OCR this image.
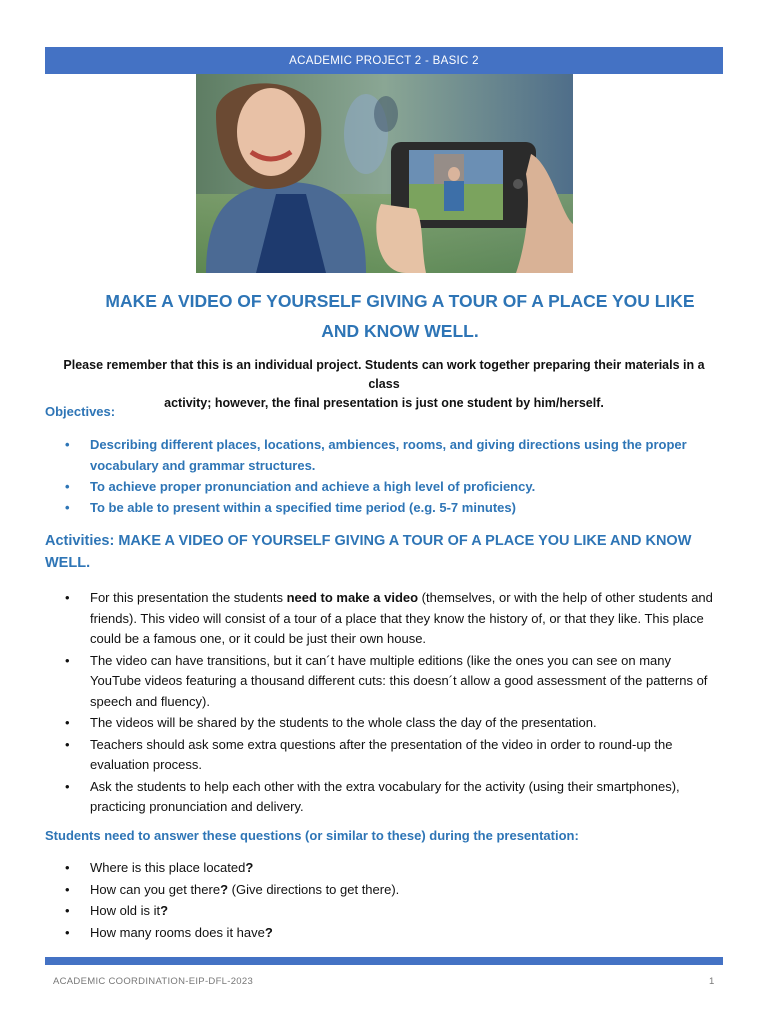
ACADEMIC PROJECT 2 - BASIC 2
MAKE A VIDEO OF YOURSELF GIVING A TOUR OF A PLACE YOU LIKE
AND KNOW WELL.

Please remember that this is an individual project. Students can work together preparing their materials in a class
activity; however, the final presentation is just one student by him/herself.

Objectives:

• Describing different places, locations, ambiences, rooms, and giving directions using the proper vocabulary and grammar structures.
• To achieve proper pronunciation and achieve a high level of proficiency.
• To be able to present within a specified time period (e.g. 5-7 minutes)

Activities: MAKE A VIDEO OF YOURSELF GIVING A TOUR OF A PLACE YOU LIKE AND KNOW WELL.

• For this presentation the students need to make a video (themselves, or with the help of other students and friends). This video will consist of a tour of a place that they know the history of, or that they like. This place could be a famous one, or it could be just their own house.
• The video can have transitions, but it can´t have multiple editions (like the ones you can see on many YouTube videos featuring a thousand different cuts: this doesn´t allow a good assessment of the patterns of speech and fluency).
• The videos will be shared by the students to the whole class the day of the presentation.
• Teachers should ask some extra questions after the presentation of the video in order to round-up the evaluation process.
• Ask the students to help each other with the extra vocabulary for the activity (using their smartphones), practicing pronunciation and delivery.

Students need to answer these questions (or similar to these) during the presentation:

• Where is this place located?
• How can you get there? (Give directions to get there).
• How old is it?
• How many rooms does it have?
ACADEMIC COORDINATION-EIP-DFL-2023	1
